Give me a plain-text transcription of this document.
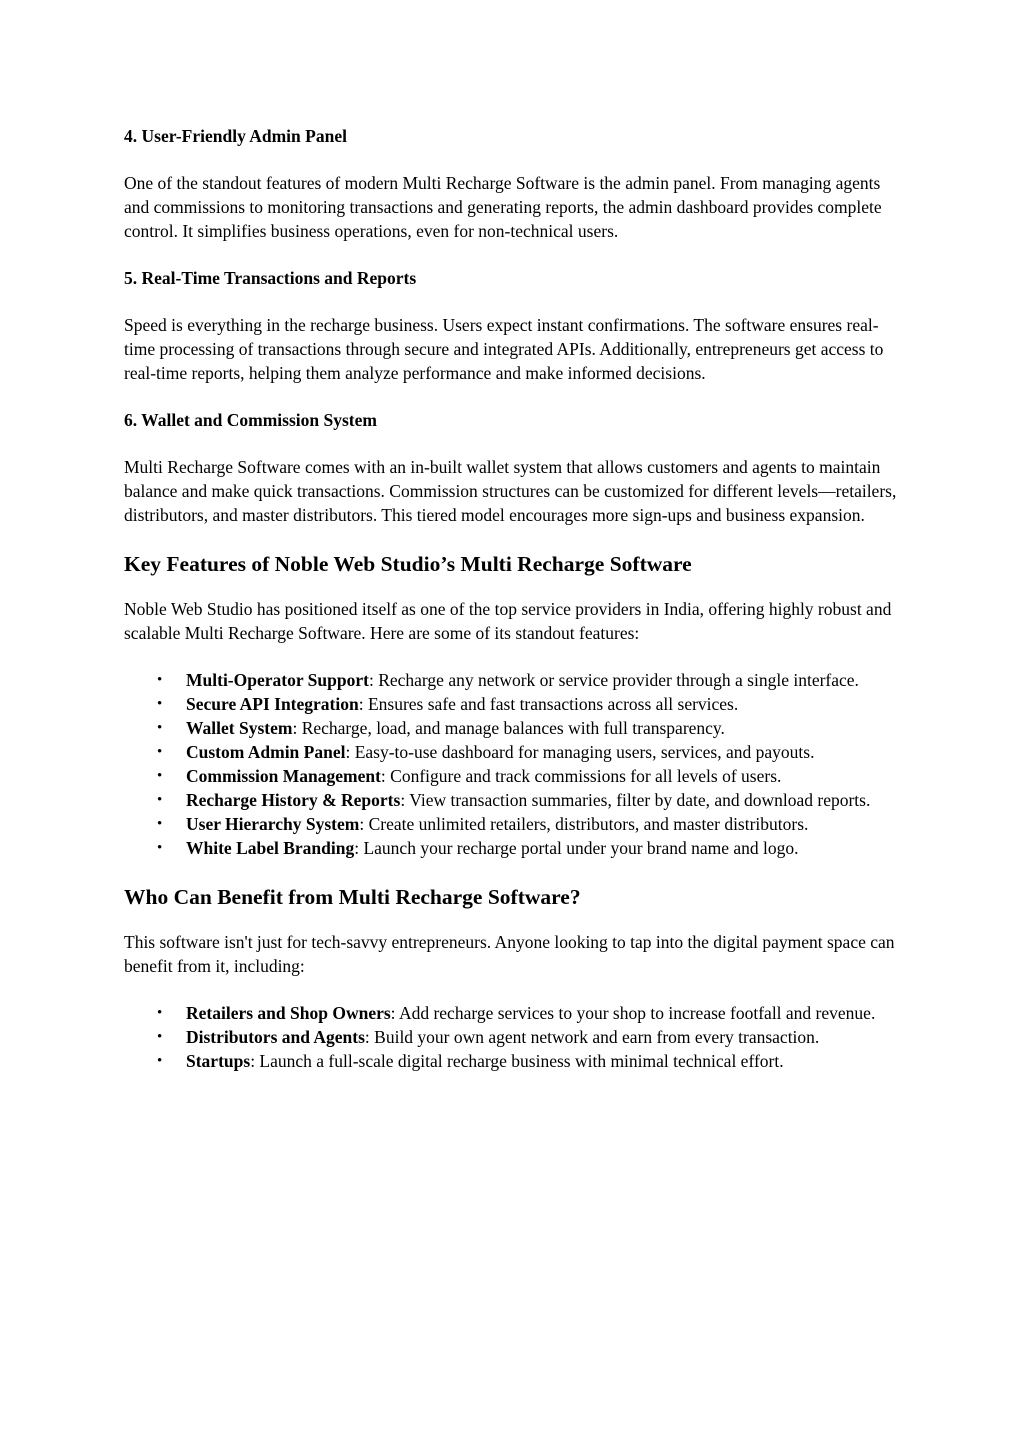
4. User-Friendly Admin Panel

One of the standout features of modern Multi Recharge Software is the admin panel. From managing agents and commissions to monitoring transactions and generating reports, the admin dashboard provides complete control. It simplifies business operations, even for non-technical users.

5. Real-Time Transactions and Reports

Speed is everything in the recharge business. Users expect instant confirmations. The software ensures real-time processing of transactions through secure and integrated APIs. Additionally, entrepreneurs get access to real-time reports, helping them analyze performance and make informed decisions.

6. Wallet and Commission System

Multi Recharge Software comes with an in-built wallet system that allows customers and agents to maintain balance and make quick transactions. Commission structures can be customized for different levels—retailers, distributors, and master distributors. This tiered model encourages more sign-ups and business expansion.

Key Features of Noble Web Studio’s Multi Recharge Software

Noble Web Studio has positioned itself as one of the top service providers in India, offering highly robust and scalable Multi Recharge Software. Here are some of its standout features:

• Multi-Operator Support: Recharge any network or service provider through a single interface.
• Secure API Integration: Ensures safe and fast transactions across all services.
• Wallet System: Recharge, load, and manage balances with full transparency.
• Custom Admin Panel: Easy-to-use dashboard for managing users, services, and payouts.
• Commission Management: Configure and track commissions for all levels of users.
• Recharge History & Reports: View transaction summaries, filter by date, and download reports.
• User Hierarchy System: Create unlimited retailers, distributors, and master distributors.
• White Label Branding: Launch your recharge portal under your brand name and logo.
Who Can Benefit from Multi Recharge Software?

This software isn't just for tech-savvy entrepreneurs. Anyone looking to tap into the digital payment space can benefit from it, including:

• Retailers and Shop Owners: Add recharge services to your shop to increase footfall and revenue.
• Distributors and Agents: Build your own agent network and earn from every transaction.
• Startups: Launch a full-scale digital recharge business with minimal technical effort.
